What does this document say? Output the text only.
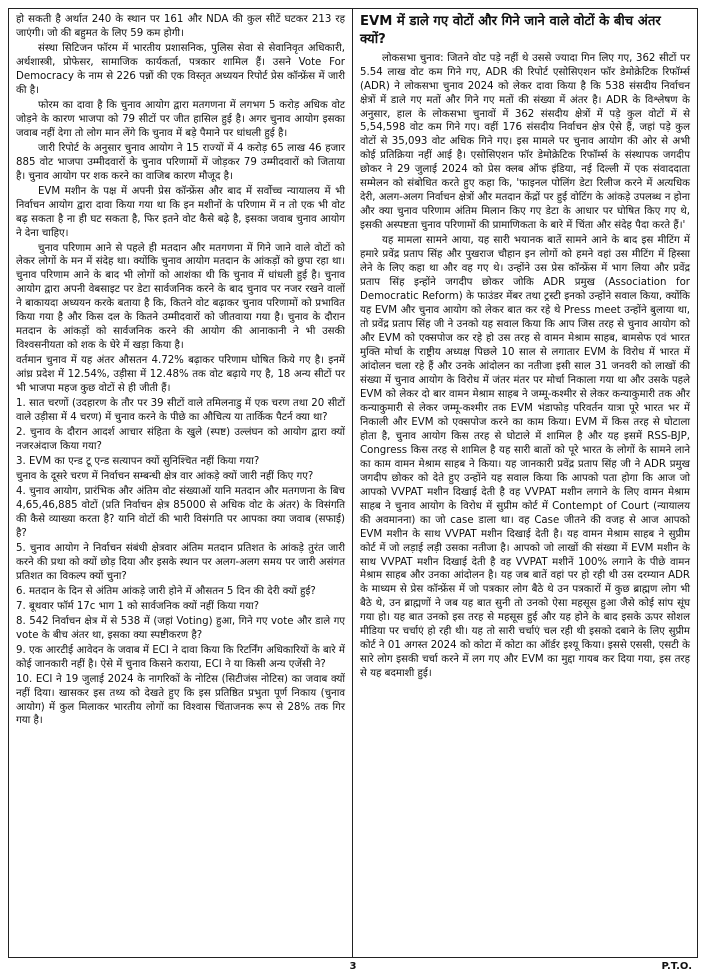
हो सकती है अर्थात 240 के स्थान पर 161 और NDA की कुल सीटें घटकर 213 रह जाएंगी। जो की बहुमत के लिए 59 कम होगी।

संस्था सिटिजन फॉरम में भारतीय प्रशासनिक, पुलिस सेवा से सेवानिवृत अधिकारी, अर्थशास्त्री, प्रोफेसर, सामाजिक कार्यकर्ता, पत्रकार शामिल हैं। उसने Vote For Democracy के नाम से 226 पन्नों की एक विस्तृत अध्ययन रिपोर्ट प्रेस कॉन्फ्रेंस में जारी की है।

फोरम का दावा है कि चुनाव आयोग द्वारा मतगणना में लगभग 5 करोड़ अधिक वोट जोड़ने के कारण भाजपा को 79 सीटों पर जीत हासिल हुई है। अगर चुनाव आयोग इसका जवाब नहीं देगा तो लोग मान लेंगे कि चुनाव में बड़े पैमाने पर धांधली हुई है।

जारी रिपोर्ट के अनुसार चुनाव आयोग ने 15 राज्यों में 4 करोड़ 65 लाख 46 हजार 885 वोट भाजपा उम्मीदवारों के चुनाव परिणामों में जोड़कर 79 उम्मीदवारों को जिताया है। चुनाव आयोग पर शक करने का वाजिब कारण मौजूद है।

EVM मशीन के पक्ष में अपनी प्रेस कॉन्फ्रेंस और बाद में सर्वोच्च न्यायालय में भी निर्वाचन आयोग द्वारा दावा किया गया था कि इन मशीनों के परिणाम में न तो एक भी वोट बढ़ सकता है ना ही घट सकता है, फिर इतने वोट कैसे बढ़े है, इसका जवाब चुनाव आयोग ने देना चाहिए।

चुनाव परिणाम आने से पहले ही मतदान और मतगणना में गिने जाने वाले वोटों को लेकर लोगों के मन में संदेह था। क्योंकि चुनाव आयोग मतदान के आंकड़ों को छुपा रहा था। चुनाव परिणाम आने के बाद भी लोगों को आशंका थी कि चुनाव में धांधली हुई है। चुनाव आयोग द्वारा अपनी वेबसाइट पर डेटा सार्वजनिक करने के बाद चुनाव पर नजर रखने वालों ने बाकायदा अध्ययन करके बताया है कि, कितने वोट बढ़ाकर चुनाव परिणामों को प्रभावित किया गया है और किस दल के कितने उम्मीदवारों को जीतवाया गया है। चुनाव के दौरान मतदान के आंकड़ों को सार्वजनिक करने की आयोग की आनाकानी ने भी उसकी विश्वसनीयता को शक के घेरे में खड़ा किया है।

वर्तमान चुनाव में यह अंतर औसतन 4.72% बढ़ाकर परिणाम घोषित किये गए है। इनमें आंध्र प्रदेश में 12.54%, उड़ीसा में 12.48% तक वोट बढ़ाये गए है, 18 अन्य सीटों पर भी भाजपा महज कुछ वोटों से ही जीती हैं।

1. सात चरणों (उदहारण के तौर पर 39 सीटों वाले तमिलनाडु में एक चरण तथा 20 सीटों वाले उड़ीसा में 4 चरण) में चुनाव करने के पीछे का औचित्य या तार्किक पैटर्न क्या था?

2. चुनाव के दौरान आदर्श आचार संहिता के खुले (स्पष्ट) उल्लंघन को आयोग द्वारा क्यों नजरअंदाज किया गया?

3. EVM का एन्ड टू एन्ड सत्यापन क्यों सुनिश्चित नहीं किया गया?

चुनाव के दूसरे चरण में निर्वाचन सम्बन्धी क्षेत्र वार आंकड़े क्यों जारी नहीं किए गए?

4. चुनाव आयोग, प्रारंभिक और अंतिम वोट संख्याओं यानि मतदान और मतगणना के बिच 4,65,46,885 वोटों (प्रति निर्वाचन क्षेत्र 85000 से अधिक वोट के अंतर) के विसंगति की कैसे व्याख्या करता है? यानि वोटों की भारी विसंगति पर आपका क्या जवाब (सफाई) है?

5. चुनाव आयोग ने निर्वाचन संबंधी क्षेत्रवार अंतिम मतदान प्रतिशत के आंकड़े तुरंत जारी करने की प्रथा को क्यों छोड़ दिया और इसके स्थान पर अलग-अलग समय पर जारी असंगत प्रतिशत का विकल्प क्यों चुना?

6. मतदान के दिन से अंतिम आंकड़े जारी होने में औसतन 5 दिन की देरी क्यों हुई?

7. बूथवार फॉर्म 17c भाग 1 को सार्वजनिक क्यों नहीं किया गया?

8. 542 निर्वाचन क्षेत्र में से 538 में (जहां Voting) हुआ, गिने गए vote और डाले गए vote के बीच अंतर था, इसका क्या स्पष्टीकरण है?

9. एक आरटीई आवेदन के जवाब में ECI ने दावा किया कि रिटर्निंग अधिकारियों के बारे में कोई जानकारी नहीं है। ऐसे में चुनाव किसने कराया, ECI ने या किसी अन्य एजेंसी ने?

10. ECI ने 19 जुलाई 2024 के नागरिकों के नोटिस (सिटीजंस नोटिस) का जवाब क्यों नहीं दिया। खासकर इस तथ्य को देखते हुए कि इस प्रतिष्ठित प्रभुता पूर्ण निकाय (चुनाव आयोग) में कुल मिलाकर भारतीय लोगों का विश्वास चिंताजनक रूप से 28% तक गिर गया है।

EVM में डाले गए वोटों और गिने जाने वाले वोटों के बीच अंतर क्यों?

लोकसभा चुनाव: जितने वोट पड़े नहीं थे उससे ज्यादा गिन लिए गए, 362 सीटों पर 5.54 लाख वोट कम गिने गए, ADR की रिपोर्ट एसोसिएशन फॉर डेमोक्रेटिक रिफॉर्म्स (ADR) ने लोकसभा चुनाव 2024 को लेकर दावा किया है कि 538 संसदीय निर्वाचन क्षेत्रों में डाले गए मतों और गिने गए मतों की संख्या में अंतर है। ADR के विश्लेषण के अनुसार, हाल के लोकसभा चुनावों में 362 संसदीय क्षेत्रों में पड़े कुल वोटों में से 5,54,598 वोट कम गिने गए। वहीं 176 संसदीय निर्वाचन क्षेत्र ऐसे हैं, जहां पड़े कुल वोटों से 35,093 वोट अधिक गिने गए। इस मामले पर चुनाव आयोग की ओर से अभी कोई प्रतिक्रिया नहीं आई है। एसोसिएशन फॉर डेमोक्रेटिक रिफॉर्म्स के संस्थापक जगदीप छोकर ने 29 जुलाई 2024 को प्रेस क्लब ऑफ इंडिया, नई दिल्ली में एक संवाददाता सम्मेलन को संबोधित करते हुए कहा कि, 'फाइनल पोलिंग डेटा रिलीज करने में अत्यधिक देरी, अलग-अलग निर्वाचन क्षेत्रों और मतदान केंद्रों पर हुई वोटिंग के आंकड़े उपलब्ध न होना और क्या चुनाव परिणाम अंतिम मिलान किए गए डेटा के आधार पर घोषित किए गए थे, इसकी अस्पष्टता चुनाव परिणामों की प्रामाणिकता के बारे में चिंता और संदेह पैदा करते हैं।'

यह मामला सामने आया, यह सारी भयानक बातें सामने आने के बाद इस मीटिंग में हमारे प्रवेंद्र प्रताप सिंह और पुखराज चौहान इन लोगों को हमने वहां उस मीटिंग में हिस्सा लेने के लिए कहा था और वह गए थे। उन्होंने उस प्रेस कॉन्फ्रेंस में भाग लिया और प्रवेंद्र प्रताप सिंह इन्होंने जगदीप छोकर जोकि ADR प्रमुख (Association for Democratic Reform) के फाउंडर मेंबर तथा ट्रस्टी इनको उन्होंने सवाल किया, क्योंकि यह EVM और चुनाव आयोग को लेकर बात कर रहे थे Press meet उन्होंने बुलाया था, तो प्रवेंद्र प्रताप सिंह जी ने उनको यह सवाल किया कि आप जिस तरह से चुनाव आयोग को और EVM को एक्सपोज कर रहे हो उस तरह से वामन मेश्राम साहब, बामसेफ एवं भारत मुक्ति मोर्चा के राष्ट्रीय अध्यक्ष पिछले 10 साल से लगातार EVM के विरोध में भारत में आंदोलन चला रहे हैं और उनके आंदोलन का नतीजा इसी साल 31 जनवरी को लाखों की संख्या में चुनाव आयोग के विरोध में जंतर मंतर पर मोर्चा निकाला गया था और उसके पहले EVM को लेकर दो बार वामन मेश्राम साहब ने जम्मू-कश्मीर से लेकर कन्याकुमारी तक और कन्याकुमारी से लेकर जम्मू-कश्मीर तक EVM भंडाफोड़ परिवर्तन यात्रा पूरे भारत भर में निकाली और EVM को एक्सपोज करने का काम किया। EVM में किस तरह से घोटाला होता है, चुनाव आयोग किस तरह से घोटाले में शामिल है और यह इसमें RSS-BJP, Congress किस तरह से शामिल है यह सारी बातों को पूरे भारत के लोगों के सामने लाने का काम वामन मेश्राम साहब ने किया। यह जानकारी प्रवेंद्र प्रताप सिंह जी ने ADR प्रमुख जगदीप छोकर को देते हुए उन्होंने यह सवाल किया कि आपको पता होगा कि आज जो आपको VVPAT मशीन दिखाई देती है वह VVPAT मशीन लगाने के लिए वामन मेश्राम साहब ने चुनाव आयोग के विरोध में सुप्रीम कोर्ट में Contempt of Court (न्यायालय की अवमानना) का जो case डाला था। वह Case जीतने की वजह से आज आपको EVM मशीन के साथ VVPAT मशीन दिखाई देती है। यह वामन मेश्राम साहब ने सुप्रीम कोर्ट में जो लड़ाई लड़ी उसका नतीजा है। आपको जो लाखों की संख्या में EVM मशीन के साथ VVPAT मशीन दिखाई देती है वह VVPAT मशीनें 100% लगाने के पीछे वामन मेश्राम साहब और उनका आंदोलन है। यह जब बातें वहां पर हो रही थी उस दरम्यान ADR के माध्यम से प्रेस कॉन्फ्रेंस में जो पत्रकार लोग बैठे थे उन पत्रकारों में कुछ ब्राह्मण लोग भी बैठे थे, उन ब्राह्मणों ने जब यह बात सुनी तो उनको ऐसा महसूस हुआ जैसे कोई सांप सूंघ गया हो। यह बात उनको इस तरह से महसूस हुई और यह होने के बाद इसके ऊपर सोशल मीडिया पर चर्चाएं हो रही थी। यह तो सारी चर्चाएं चल रही थी इसको दबाने के लिए सुप्रीम कोर्ट ने 01 अगस्त 2024 को कोटा में कोटा का ऑर्डर इश्यू किया। इससे एससी, एसटी के सारे लोग इसकी चर्चा करने में लग गए और EVM का मुद्दा गायब कर दिया गया, इस तरह से यह बदमाशी हुई।

3	P.T.O.
